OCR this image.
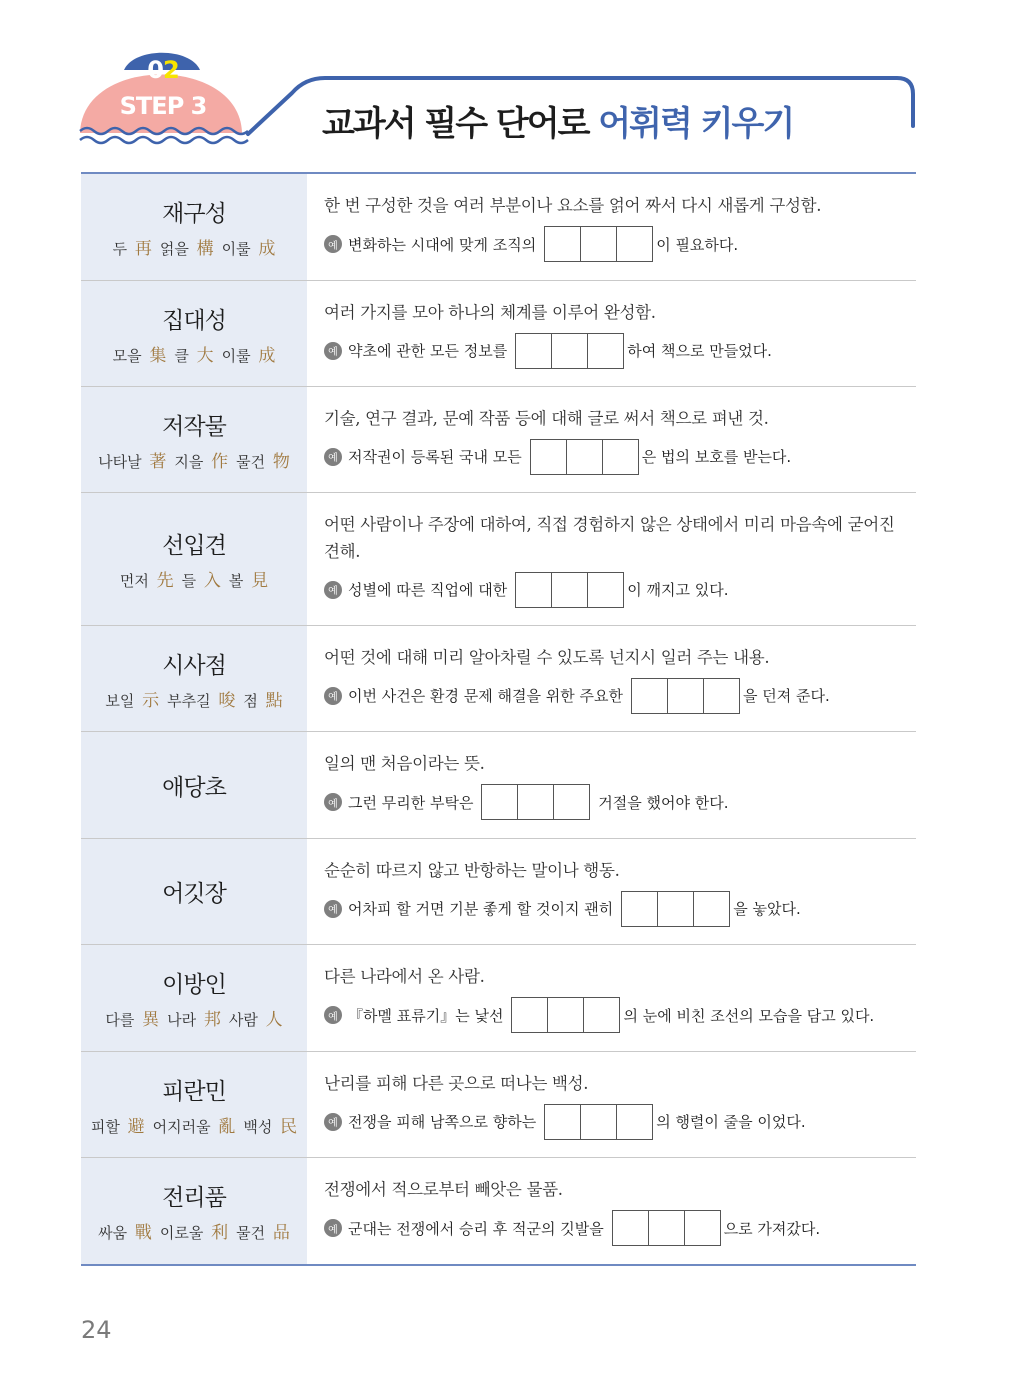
02
STEP 3	교과서 필수 단어로 어휘력 키우기
재구성
두 再 얽을 構 이룰 成
한 번 구성한 것을 여러 부분이나 요소를 얽어 짜서 다시 새롭게 구성함.
예 변화하는 시대에 맞게 조직의	이 필요하다.
집대성
모을 集 클 大 이룰 成
여러 가지를 모아 하나의 체계를 이루어 완성함.
예 약초에 관한 모든 정보를	하여 책으로 만들었다.
저작물
나타날 著 지을 作 물건 物
기술, 연구 결과, 문예 작품 등에 대해 글로 써서 책으로 펴낸 것.
예 저작권이 등록된 국내 모든	은 법의 보호를 받는다.
선입견
먼저 先 들 入 볼 見
어떤 사람이나 주장에 대하여, 직접 경험하지 않은 상태에서 미리 마음속에 굳어진 견해.
예 성별에 따른 직업에 대한	이 깨지고 있다.
시사점
보일 示 부추길 唆 점 點
어떤 것에 대해 미리 알아차릴 수 있도록 넌지시 일러 주는 내용.
예 이번 사건은 환경 문제 해결을 위한 주요한	을 던져 준다.
애당초
일의 맨 처음이라는 뜻.
예 그런 무리한 부탁은	거절을 했어야 한다.
어깃장
순순히 따르지 않고 반항하는 말이나 행동.
예 어차피 할 거면 기분 좋게 할 것이지 괜히	을 놓았다.
이방인
다를 異 나라 邦 사람 人
다른 나라에서 온 사람.
예 『하멜 표류기』는 낯선	의 눈에 비친 조선의 모습을 담고 있다.
피란민
피할 避 어지러울 亂 백성 民
난리를 피해 다른 곳으로 떠나는 백성.
예 전쟁을 피해 남쪽으로 향하는	의 행렬이 줄을 이었다.
전리품
싸움 戰 이로울 利 물건 品
전쟁에서 적으로부터 빼앗은 물품.
예 군대는 전쟁에서 승리 후 적군의 깃발을	으로 가져갔다.
24
